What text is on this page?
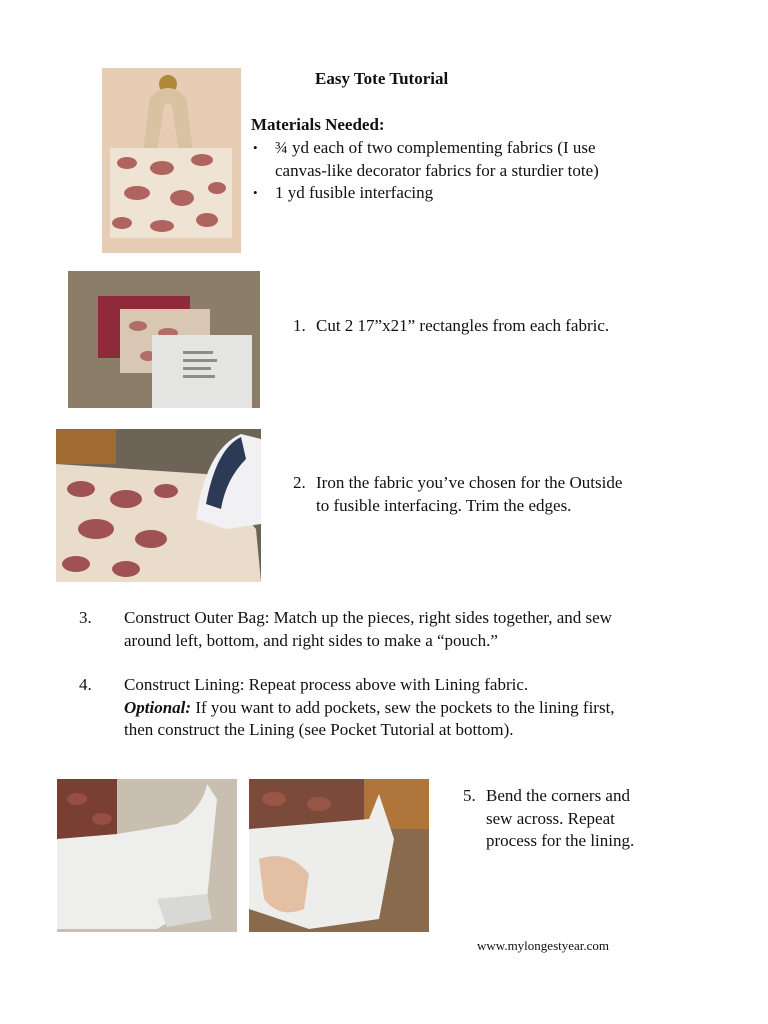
Easy Tote Tutorial
Materials Needed:
• ¾ yd each of two complementing fabrics (I use canvas-like decorator fabrics for a sturdier tote)
• 1 yd fusible interfacing
1. Cut 2 17”x21” rectangles from each fabric.
2. Iron the fabric you’ve chosen for the Outside to fusible interfacing. Trim the edges.
3.	Construct Outer Bag: Match up the pieces, right sides together, and sew around left, bottom, and right sides to make a “pouch.”
4.	Construct Lining: Repeat process above with Lining fabric.
Optional: If you want to add pockets, sew the pockets to the lining first, then construct the Lining (see Pocket Tutorial at bottom).
5. Bend the corners and sew across. Repeat process for the lining.
www.mylongestyear.com
